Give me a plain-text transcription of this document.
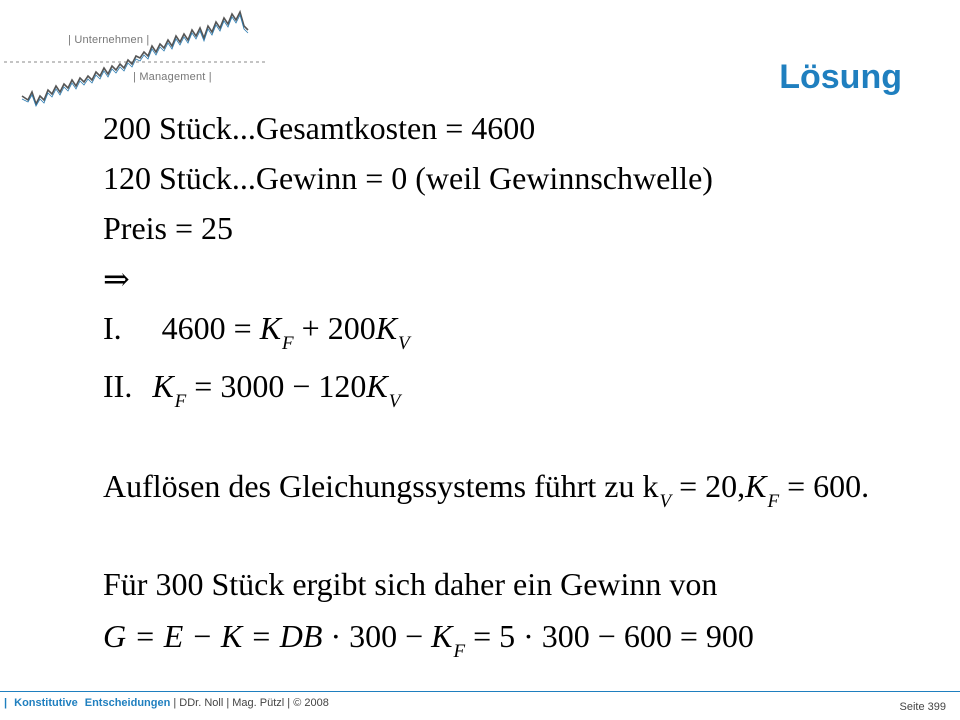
| Unternehmen |
| Management |	Lösung
200 Stück...Gesamtkosten = 4600
120 Stück...Gewinn = 0 (weil Gewinnschwelle)
Preis = 25
⇒
I. $4600 = K_F + 200K_V$
II. $K_F = 3000 - 120K_V$
Auflösen des Gleichungssystems führt zu $k_V = 20,K_F = 600$.
Für 300 Stück ergibt sich daher ein Gewinn von
G = E − K = DB · $300 - K_F = 5 \cdot 300 - 600 = 900$
| Konstitutive Entscheidungen | DDr. Noll | Mag. Pützl | © 2008	Seite 399
